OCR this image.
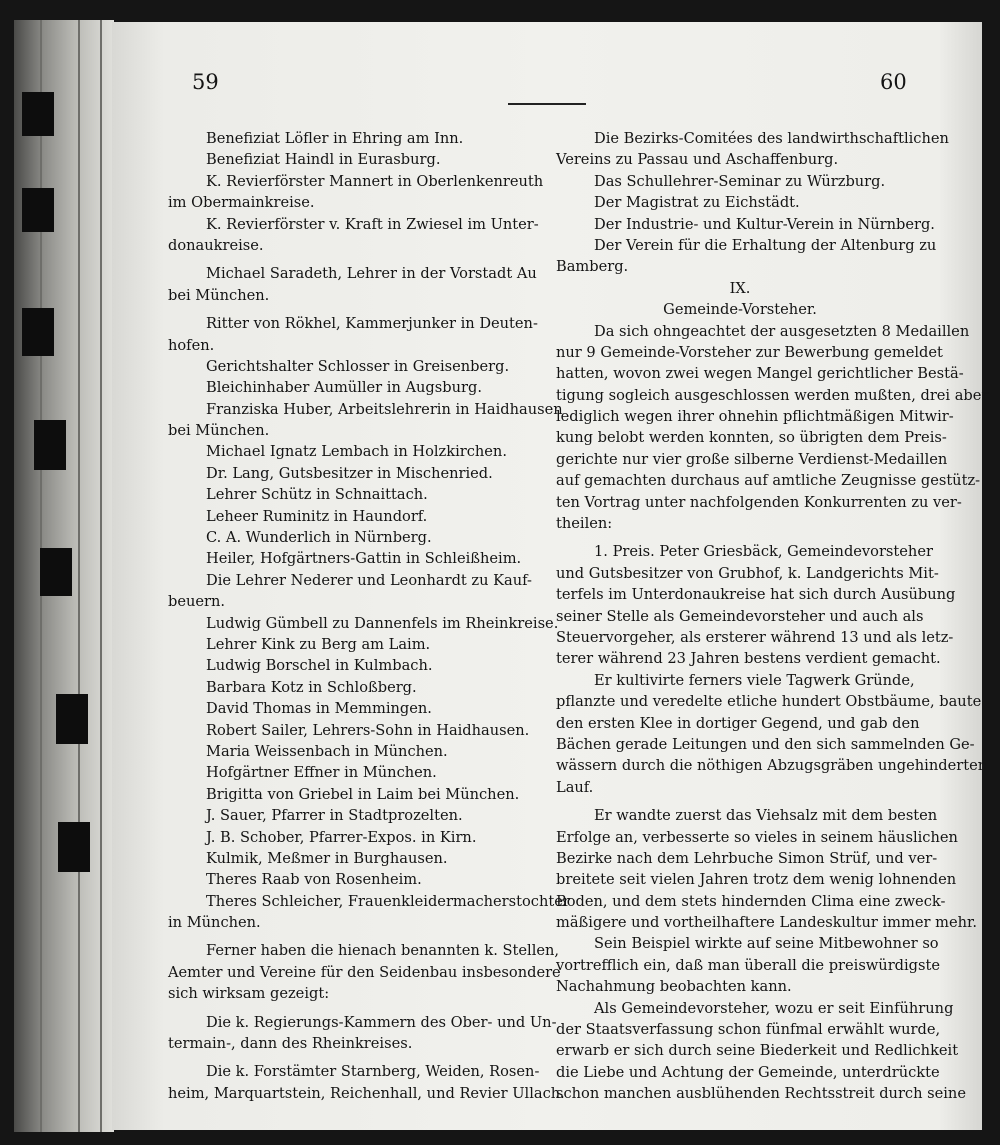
59	60
Benefiziat Löfler in Ehring am Inn.
Benefiziat Haindl in Eurasburg.
K. Revierförster Mannert in Oberlenkenreuth
im Obermainkreise.
K. Revierförster v. Kraft in Zwiesel im Unter-
donaukreise.
Michael Saradeth, Lehrer in der Vorstadt Au
bei München.
Ritter von Rökhel, Kammerjunker in Deuten-
hofen.
Gerichtshalter Schlosser in Greisenberg.
Bleichinhaber Aumüller in Augsburg.
Franziska Huber, Arbeitslehrerin in Haidhausen
bei München.
Michael Ignatz Lembach in Holzkirchen.
Dr. Lang, Gutsbesitzer in Mischenried.
Lehrer Schütz in Schnaittach.
Leheer Ruminitz in Haundorf.
C. A. Wunderlich in Nürnberg.
Heiler, Hofgärtners-Gattin in Schleißheim.
Die Lehrer Nederer und Leonhardt zu Kauf-
beuern.
Ludwig Gümbell zu Dannenfels im Rheinkreise.
Lehrer Kink zu Berg am Laim.
Ludwig Borschel in Kulmbach.
Barbara Kotz in Schloßberg.
David Thomas in Memmingen.
Robert Sailer, Lehrers-Sohn in Haidhausen.
Maria Weissenbach in München.
Hofgärtner Effner in München.
Brigitta von Griebel in Laim bei München.
J. Sauer, Pfarrer in Stadtprozelten.
J. B. Schober, Pfarrer-Expos. in Kirn.
Kulmik, Meßmer in Burghausen.
Theres Raab von Rosenheim.
Theres Schleicher, Frauenkleidermacherstochter
in München.
Ferner haben die hienach benannten k. Stellen,
Aemter und Vereine für den Seidenbau insbesondere
sich wirksam gezeigt:
Die k. Regierungs-Kammern des Ober- und Un-
termain-, dann des Rheinkreises.
Die k. Forstämter Starnberg, Weiden, Rosen-
heim, Marquartstein, Reichenhall, und Revier Ullach.
Die Bezirks-Comitées des landwirthschaftlichen
Vereins zu Passau und Aschaffenburg.
Das Schullehrer-Seminar zu Würzburg.
Der Magistrat zu Eichstädt.
Der Industrie- und Kultur-Verein in Nürnberg.
Der Verein für die Erhaltung der Altenburg zu
Bamberg.
IX.
Gemeinde-Vorsteher.
Da sich ohngeachtet der ausgesetzten 8 Medaillen
nur 9 Gemeinde-Vorsteher zur Bewerbung gemeldet
hatten, wovon zwei wegen Mangel gerichtlicher Bestä-
tigung sogleich ausgeschlossen werden mußten, drei aber
lediglich wegen ihrer ohnehin pflichtmäßigen Mitwir-
kung belobt werden konnten, so übrigten dem Preis-
gerichte nur vier große silberne Verdienst-Medaillen
auf gemachten durchaus auf amtliche Zeugnisse gestütz-
ten Vortrag unter nachfolgenden Konkurrenten zu ver-
theilen:
1. Preis. Peter Griesbäck, Gemeindevorsteher
und Gutsbesitzer von Grubhof, k. Landgerichts Mit-
terfels im Unterdonaukreise hat sich durch Ausübung
seiner Stelle als Gemeindevorsteher und auch als
Steuervorgeher, als ersterer während 13 und als letz-
terer während 23 Jahren bestens verdient gemacht.
Er kultivirte ferners viele Tagwerk Gründe,
pflanzte und veredelte etliche hundert Obstbäume, baute
den ersten Klee in dortiger Gegend, und gab den
Bächen gerade Leitungen und den sich sammelnden Ge-
wässern durch die nöthigen Abzugsgräben ungehinderten
Lauf.
Er wandte zuerst das Viehsalz mit dem besten
Erfolge an, verbesserte so vieles in seinem häuslichen
Bezirke nach dem Lehrbuche Simon Strüf, und ver-
breitete seit vielen Jahren trotz dem wenig lohnenden
Boden, und dem stets hindernden Clima eine zweck-
mäßigere und vortheilhaftere Landeskultur immer mehr.
Sein Beispiel wirkte auf seine Mitbewohner so
vortrefflich ein, daß man überall die preiswürdigste
Nachahmung beobachten kann.
Als Gemeindevorsteher, wozu er seit Einführung
der Staatsverfassung schon fünfmal erwählt wurde,
erwarb er sich durch seine Biederkeit und Redlichkeit
die Liebe und Achtung der Gemeinde, unterdrückte
schon manchen ausblühenden Rechtsstreit durch seine
